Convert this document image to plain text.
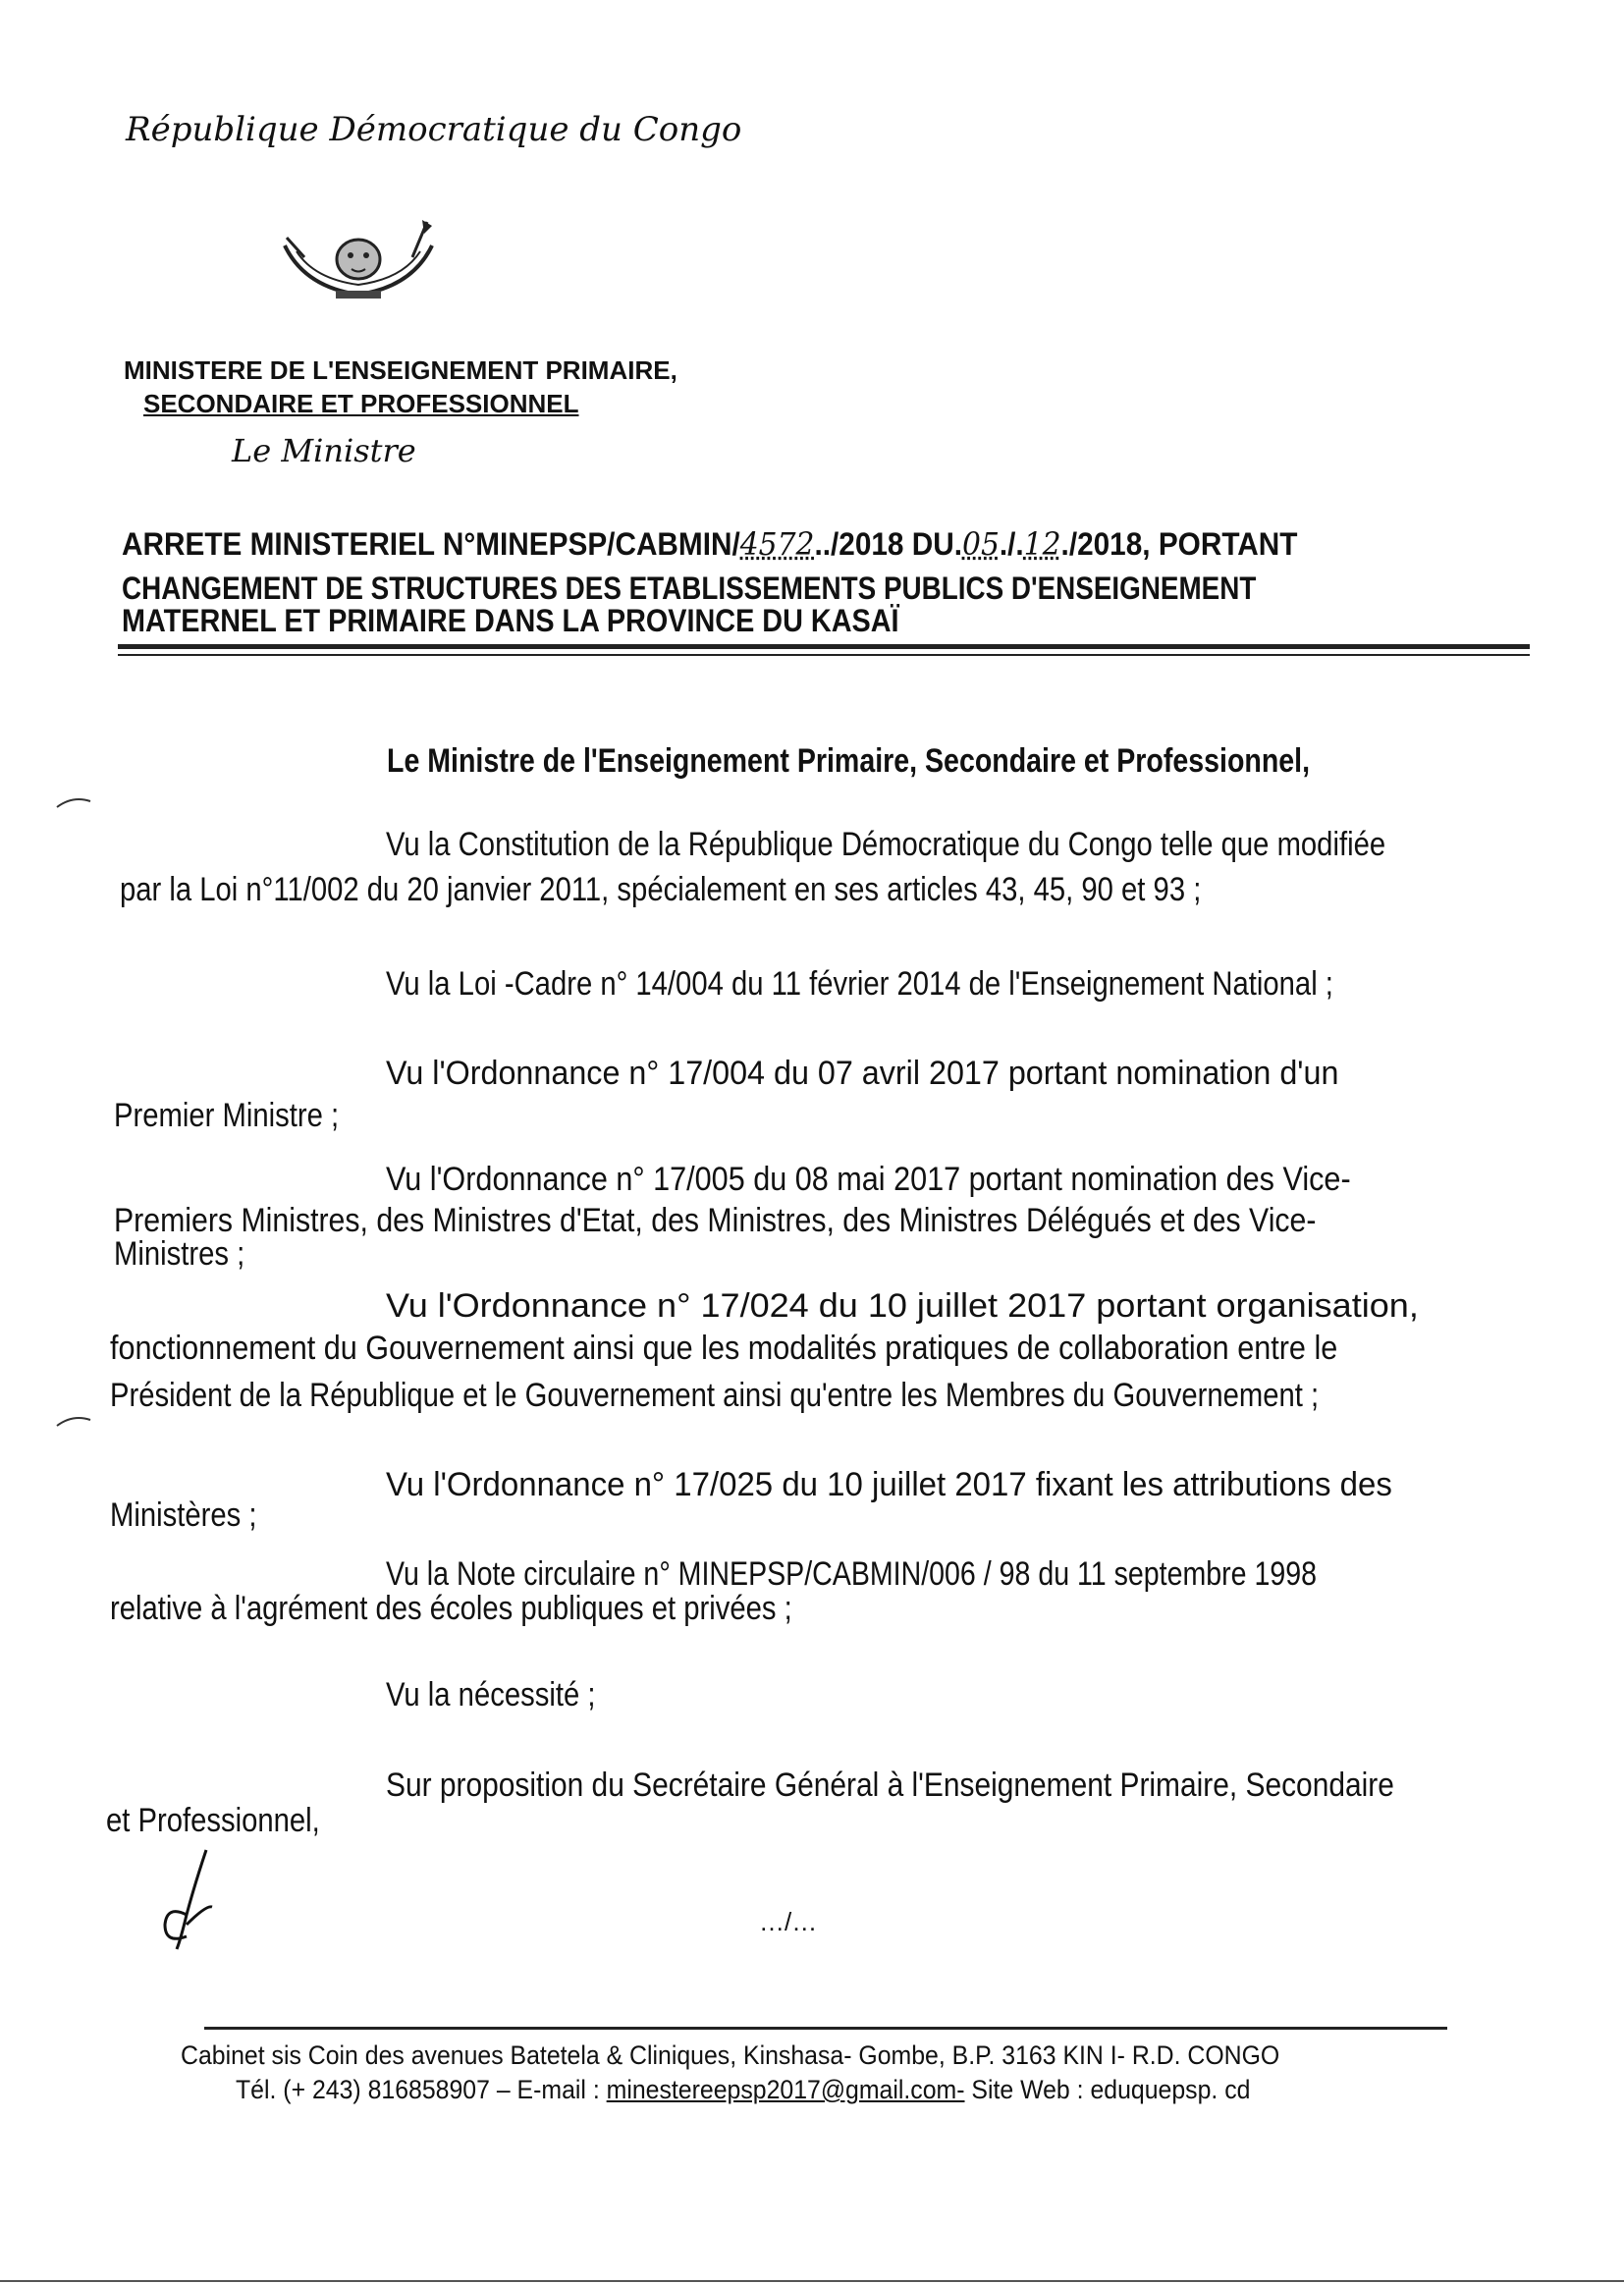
République Démocratique du Congo
MINISTERE DE L'ENSEIGNEMENT PRIMAIRE,
SECONDAIRE ET PROFESSIONNEL
Le Ministre
ARRETE MINISTERIEL N°MINEPSP/CABMIN/4572../2018 DU.05./.12./2018, PORTANT
CHANGEMENT DE STRUCTURES DES ETABLISSEMENTS PUBLICS D'ENSEIGNEMENT
MATERNEL ET PRIMAIRE DANS LA PROVINCE DU KASAÏ
Le Ministre de l'Enseignement Primaire, Secondaire et Professionnel,
Vu la Constitution de la République Démocratique du Congo telle que modifiée
par la Loi n°11/002 du 20 janvier 2011, spécialement en ses articles 43, 45, 90 et 93 ;
Vu la Loi -Cadre n° 14/004 du 11 février 2014 de l'Enseignement National ;
Vu l'Ordonnance n° 17/004 du 07 avril 2017 portant nomination d'un
Premier Ministre ;
Vu l'Ordonnance n° 17/005 du 08 mai 2017 portant nomination des Vice-
Premiers Ministres, des Ministres d'Etat, des Ministres, des Ministres Délégués et des Vice-
Ministres ;
Vu l'Ordonnance n° 17/024 du 10 juillet 2017 portant organisation,
fonctionnement du Gouvernement ainsi que les modalités pratiques de collaboration entre le
Président de la République et le Gouvernement ainsi qu'entre les Membres du Gouvernement ;
Vu l'Ordonnance n° 17/025 du 10 juillet 2017 fixant les attributions des
Ministères ;
Vu la Note circulaire n° MINEPSP/CABMIN/006 / 98 du 11 septembre 1998
relative à l'agrément des écoles publiques et privées ;
Vu la nécessité ;
Sur proposition du Secrétaire Général à l'Enseignement Primaire, Secondaire
et Professionnel,
…/…
Cabinet sis Coin des avenues Batetela & Cliniques, Kinshasa- Gombe, B.P. 3163 KIN I- R.D. CONGO
Tél. (+ 243) 816858907 – E-mail : minestereepsp2017@gmail.com- Site Web : eduquepsp. cd
